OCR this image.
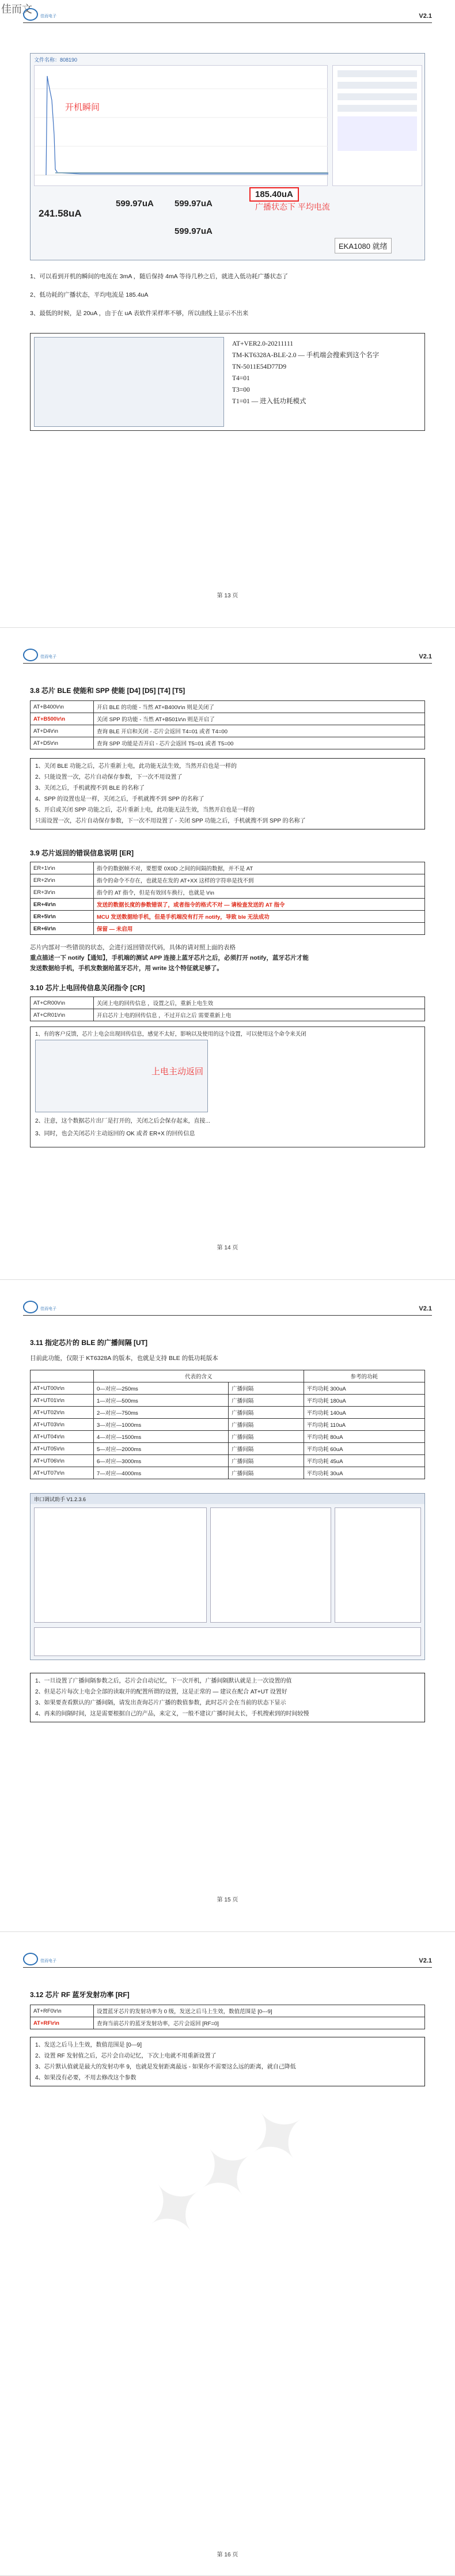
佳而文
佳而电子	V2.1
文件名称：808190
开机瞬间
广播状态下 平均电流
241.58uA
599.97uA 599.97uA
599.97uA
185.40uA
EKA1080 就绪
1、可以看到开机的瞬间的电流在 3mA ，随后保持 4mA 等待几秒之后，就进入低功耗广播状态了
2、低功耗的广播状态，平均电流是 185.4uA
3、最低的时候，是 20uA ，由于在 uA 表软件采样率不够，所以曲线上显示不出来
AT+VER2.0-20211111
TM-KT6328A-BLE-2.0 — 手机端会搜索到这个名字
TN-5011E54D77D9
T4=01
T3=00
T1=01 — 进入低功耗模式
第 13 页
佳而电子	V2.1
3.8 芯片 BLE 使能和 SPP 使能 [D4] [D5] [T4] [T5]
AT+B400\r\n	开启 BLE 的功能 - 当然 AT+B400\r\n 则是关闭了
AT+B500\r\n	关闭 SPP 的功能 - 当然 AT+B501\r\n 则是开启了
AT+D4\r\n	查询 BLE 开启和关闭 - 芯片会返回 T4=01 或者 T4=00
AT+D5\r\n	查询 SPP 功能是否开启 - 芯片会返回 T5=01 或者 T5=00
1、关闭 BLE 功能之后，芯片重新上电，此功能无法生效，当然开启也是一样的
2、只能设置一次，芯片自动保存参数，下一次不用设置了
3、关闭之后，手机就搜不到 BLE 的名称了
4、SPP 的设置也是一样，关闭之后，手机就搜不到 SPP 的名称了
5、开启或关闭 SPP 功能之后，芯片重新上电，此功能无法生效，当然开启也是一样的
只需设置一次，芯片自动保存参数，下一次不用设置了 - 关闭 SPP 功能之后，手机就搜不到 SPP 的名称了
3.9 芯片返回的错误信息说明 [ER]
ER+1\r\n	指令的数据帧不对，要想要 0X0D 之间的间隔的数据，并不是 AT
ER+2\r\n	指令的命令不存在，也就是在发的 AT+XX 这样的字符串是找不到
ER+3\r\n	指令的 AT 指令，但是有效回车换行，也就是 \r\n
ER+4\r\n	发送的数据长度的参数错误了，或者指令的格式不对 — 请检查发送的 AT 指令
ER+5\r\n	MCU 发送数据给手机，但是手机端没有打开 notify，导致 ble 无法成功
ER+6\r\n	保留 — 未启用
芯片内部对一些错误的状态，会进行返回错误代码，具体的请对照上面的表格
重点描述一下 notify【通知】，手机端的测试 APP 连接上蓝牙芯片之后，必须打开 notify，蓝牙芯片才能
发送数据给手机，手机发数据给蓝牙芯片，用 write 这个特征就足够了。
3.10 芯片上电回传信息关闭指令 [CR]
AT+CR00\r\n	关闭上电的回传信息 ，设置之后，重新上电生效
AT+CR01\r\n	开启芯片上电的回传信息 ，不过开启之后 需要重新上电
1、有的客户反馈，芯片上电会出现回传信息，感觉不太好，影响以及使用的这个设置，可以使用这个命令来关闭
上电主动返回
2、注意，这个数据芯片出厂是打开的，关闭之后会保存起来，直接...
3、同时，也会关闭芯片主动返回的 OK 或者 ER+X 的回传信息
第 14 页
佳而电子	V2.1
3.11 指定芯片的 BLE 的广播间隔 [UT]
目前此功能，仅限于 KT6328A 的版本，也就是支持 BLE 的低功耗版本
	代表的含义		参考的功耗
AT+UT00\r\n	0—对应—250ms	广播间隔	平均功耗 300uA
AT+UT01\r\n	1—对应—500ms	广播间隔	平均功耗 180uA
AT+UT02\r\n	2—对应—750ms	广播间隔	平均功耗 140uA
AT+UT03\r\n	3—对应—1000ms	广播间隔	平均功耗 110uA
AT+UT04\r\n	4—对应—1500ms	广播间隔	平均功耗 80uA
AT+UT05\r\n	5—对应—2000ms	广播间隔	平均功耗 60uA
AT+UT06\r\n	6—对应—3000ms	广播间隔	平均功耗 45uA
AT+UT07\r\n	7—对应—4000ms	广播间隔	平均功耗 30uA
串口调试助手 V1.2.3.6
1、一旦设置了广播间隔参数之后，芯片会自动记忆，下一次开机，广播间隔默认就是上一次设置的值
2、但是芯片每次上电会全部的读取并的配置所谓的设置，这是正常的 — 建议在配合 AT+UT 设置好
3、如果要查看默认的广播间隔，请发出查询芯片广播的数值参数，此时芯片会在当前的状态下显示
4、再来的间隔时间，这是需要根据自己的产品，来定义，一般不建议广播时间太长，手机搜索到的时间较慢
第 15 页
佳而电子	V2.1
3.12 芯片 RF 蓝牙发射功率 [RF]
AT+RF0\r\n	设置蓝牙芯片的发射功率为 0 级，发送之后马上生效，数值范围是 [0---9]
AT+RF\r\n	查询当前芯片的蓝牙发射功率，芯片会返回 [RF=0]
1、发送之后马上生效，数值范围是 [0---9]
2、设置 RF 发射值之后，芯片会自动记忆，下次上电就不用重新设置了
3、芯片默认值就是最大的发射功率 9，也就是发射距离最远 - 如果你不需要这么远的距离，就自己降低
4、如果没有必要，不用去修改这个参数
✦✦✦
第 16 页
